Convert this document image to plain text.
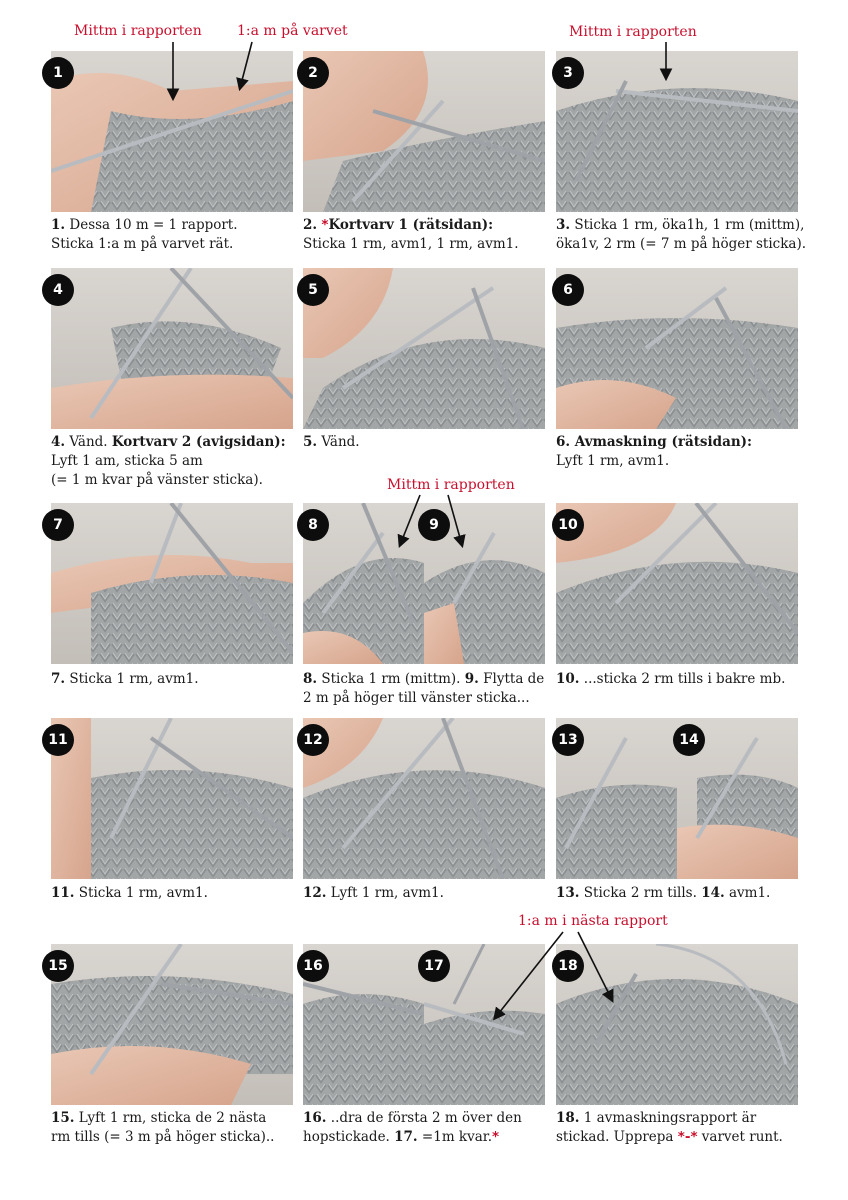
1	2	3
4	5	6
7	8	9	10
11	12	13	14
15	16	17	18
Mittm i rapporten	1:a m på varvet	Mittm i rapporten
Mittm i rapporten
1:a m i nästa rapport
1. Dessa 10 m = 1 rapport.
Sticka 1:a m på varvet rät.
2. *Kortvarv 1 (rätsidan):
Sticka 1 rm, avm1, 1 rm, avm1.
3. Sticka 1 rm, öka1h, 1 rm (mittm),
öka1v, 2 rm (= 7 m på höger sticka).
4. Vänd. Kortvarv 2 (avigsidan):
Lyft 1 am, sticka 5 am
(= 1 m kvar på vänster sticka).
5. Vänd.	6. Avmaskning (rätsidan):
Lyft 1 rm, avm1.
7. Sticka 1 rm, avm1.	8. Sticka 1 rm (mittm). 9. Flytta de
2 m på höger till vänster sticka...
10. ...sticka 2 rm tills i bakre mb.
11. Sticka 1 rm, avm1.	12. Lyft 1 rm, avm1.	13. Sticka 2 rm tills. 14. avm1.
15. Lyft 1 rm, sticka de 2 nästa
rm tills (= 3 m på höger sticka)..
16. ..dra de första 2 m över den
hopstickade. 17. =1m kvar.*
18. 1 avmaskningsrapport är
stickad. Upprepa *-* varvet runt.
